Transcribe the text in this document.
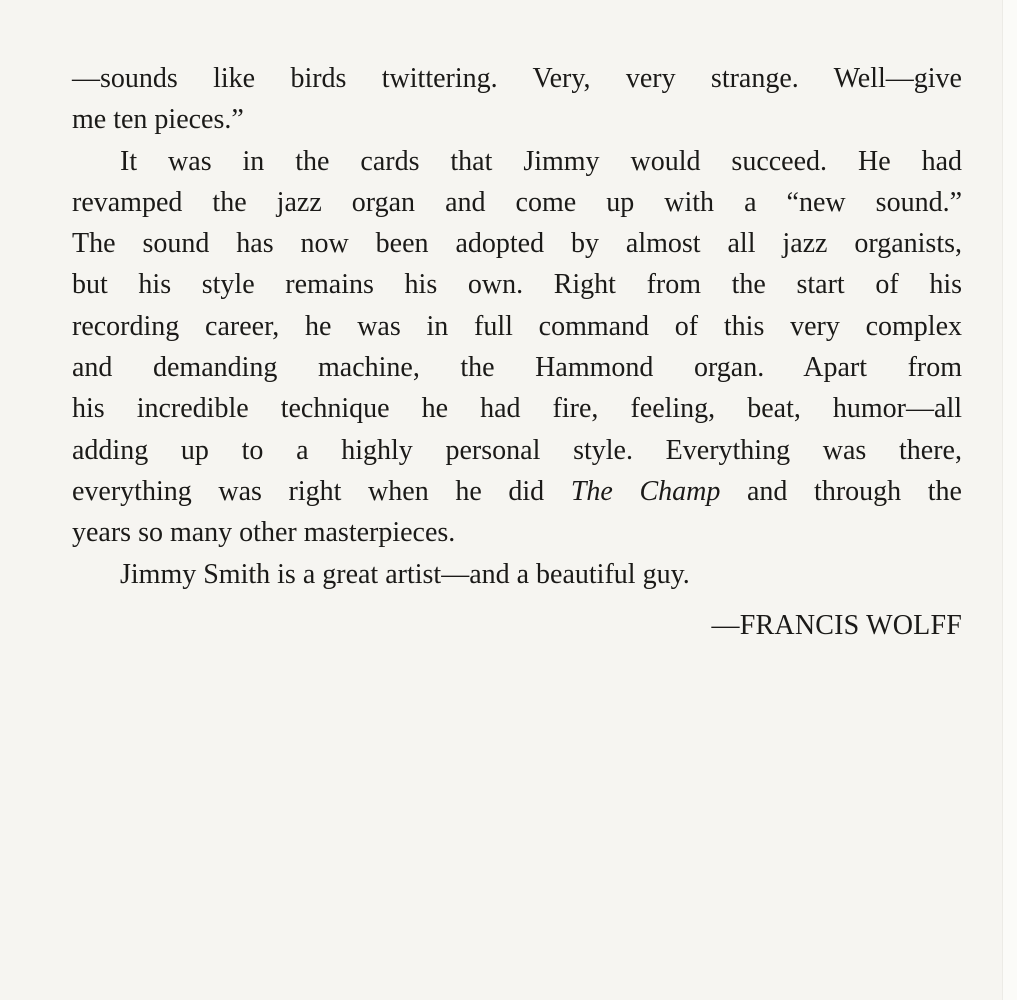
—sounds like birds twittering. Very, very strange. Well—give
me ten pieces.”
It was in the cards that Jimmy would succeed. He had
revamped the jazz organ and come up with a “new sound.”
The sound has now been adopted by almost all jazz organists,
but his style remains his own. Right from the start of his
recording career, he was in full command of this very complex
and demanding machine, the Hammond organ. Apart from
his incredible technique he had fire, feeling, beat, humor—all
adding up to a highly personal style. Everything was there,
everything was right when he did The Champ and through the
years so many other masterpieces.
Jimmy Smith is a great artist—and a beautiful guy.
—FRANCIS WOLFF
